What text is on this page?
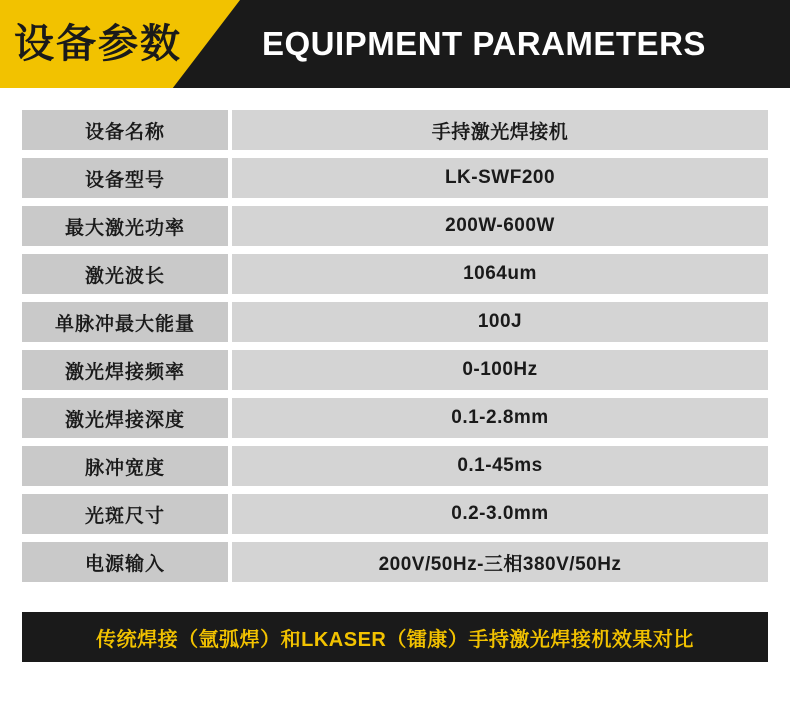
设备参数	EQUIPMENT PARAMETERS
设备名称	手持激光焊接机
设备型号	LK-SWF200
最大激光功率	200W-600W
激光波长	1064um
单脉冲最大能量	100J
激光焊接频率	0-100Hz
激光焊接深度	0.1-2.8mm
脉冲宽度	0.1-45ms
光斑尺寸	0.2-3.0mm
电源输入	200V/50Hz-三相380V/50Hz
传统焊接（氩弧焊）和LKASER（镭康）手持激光焊接机效果对比
